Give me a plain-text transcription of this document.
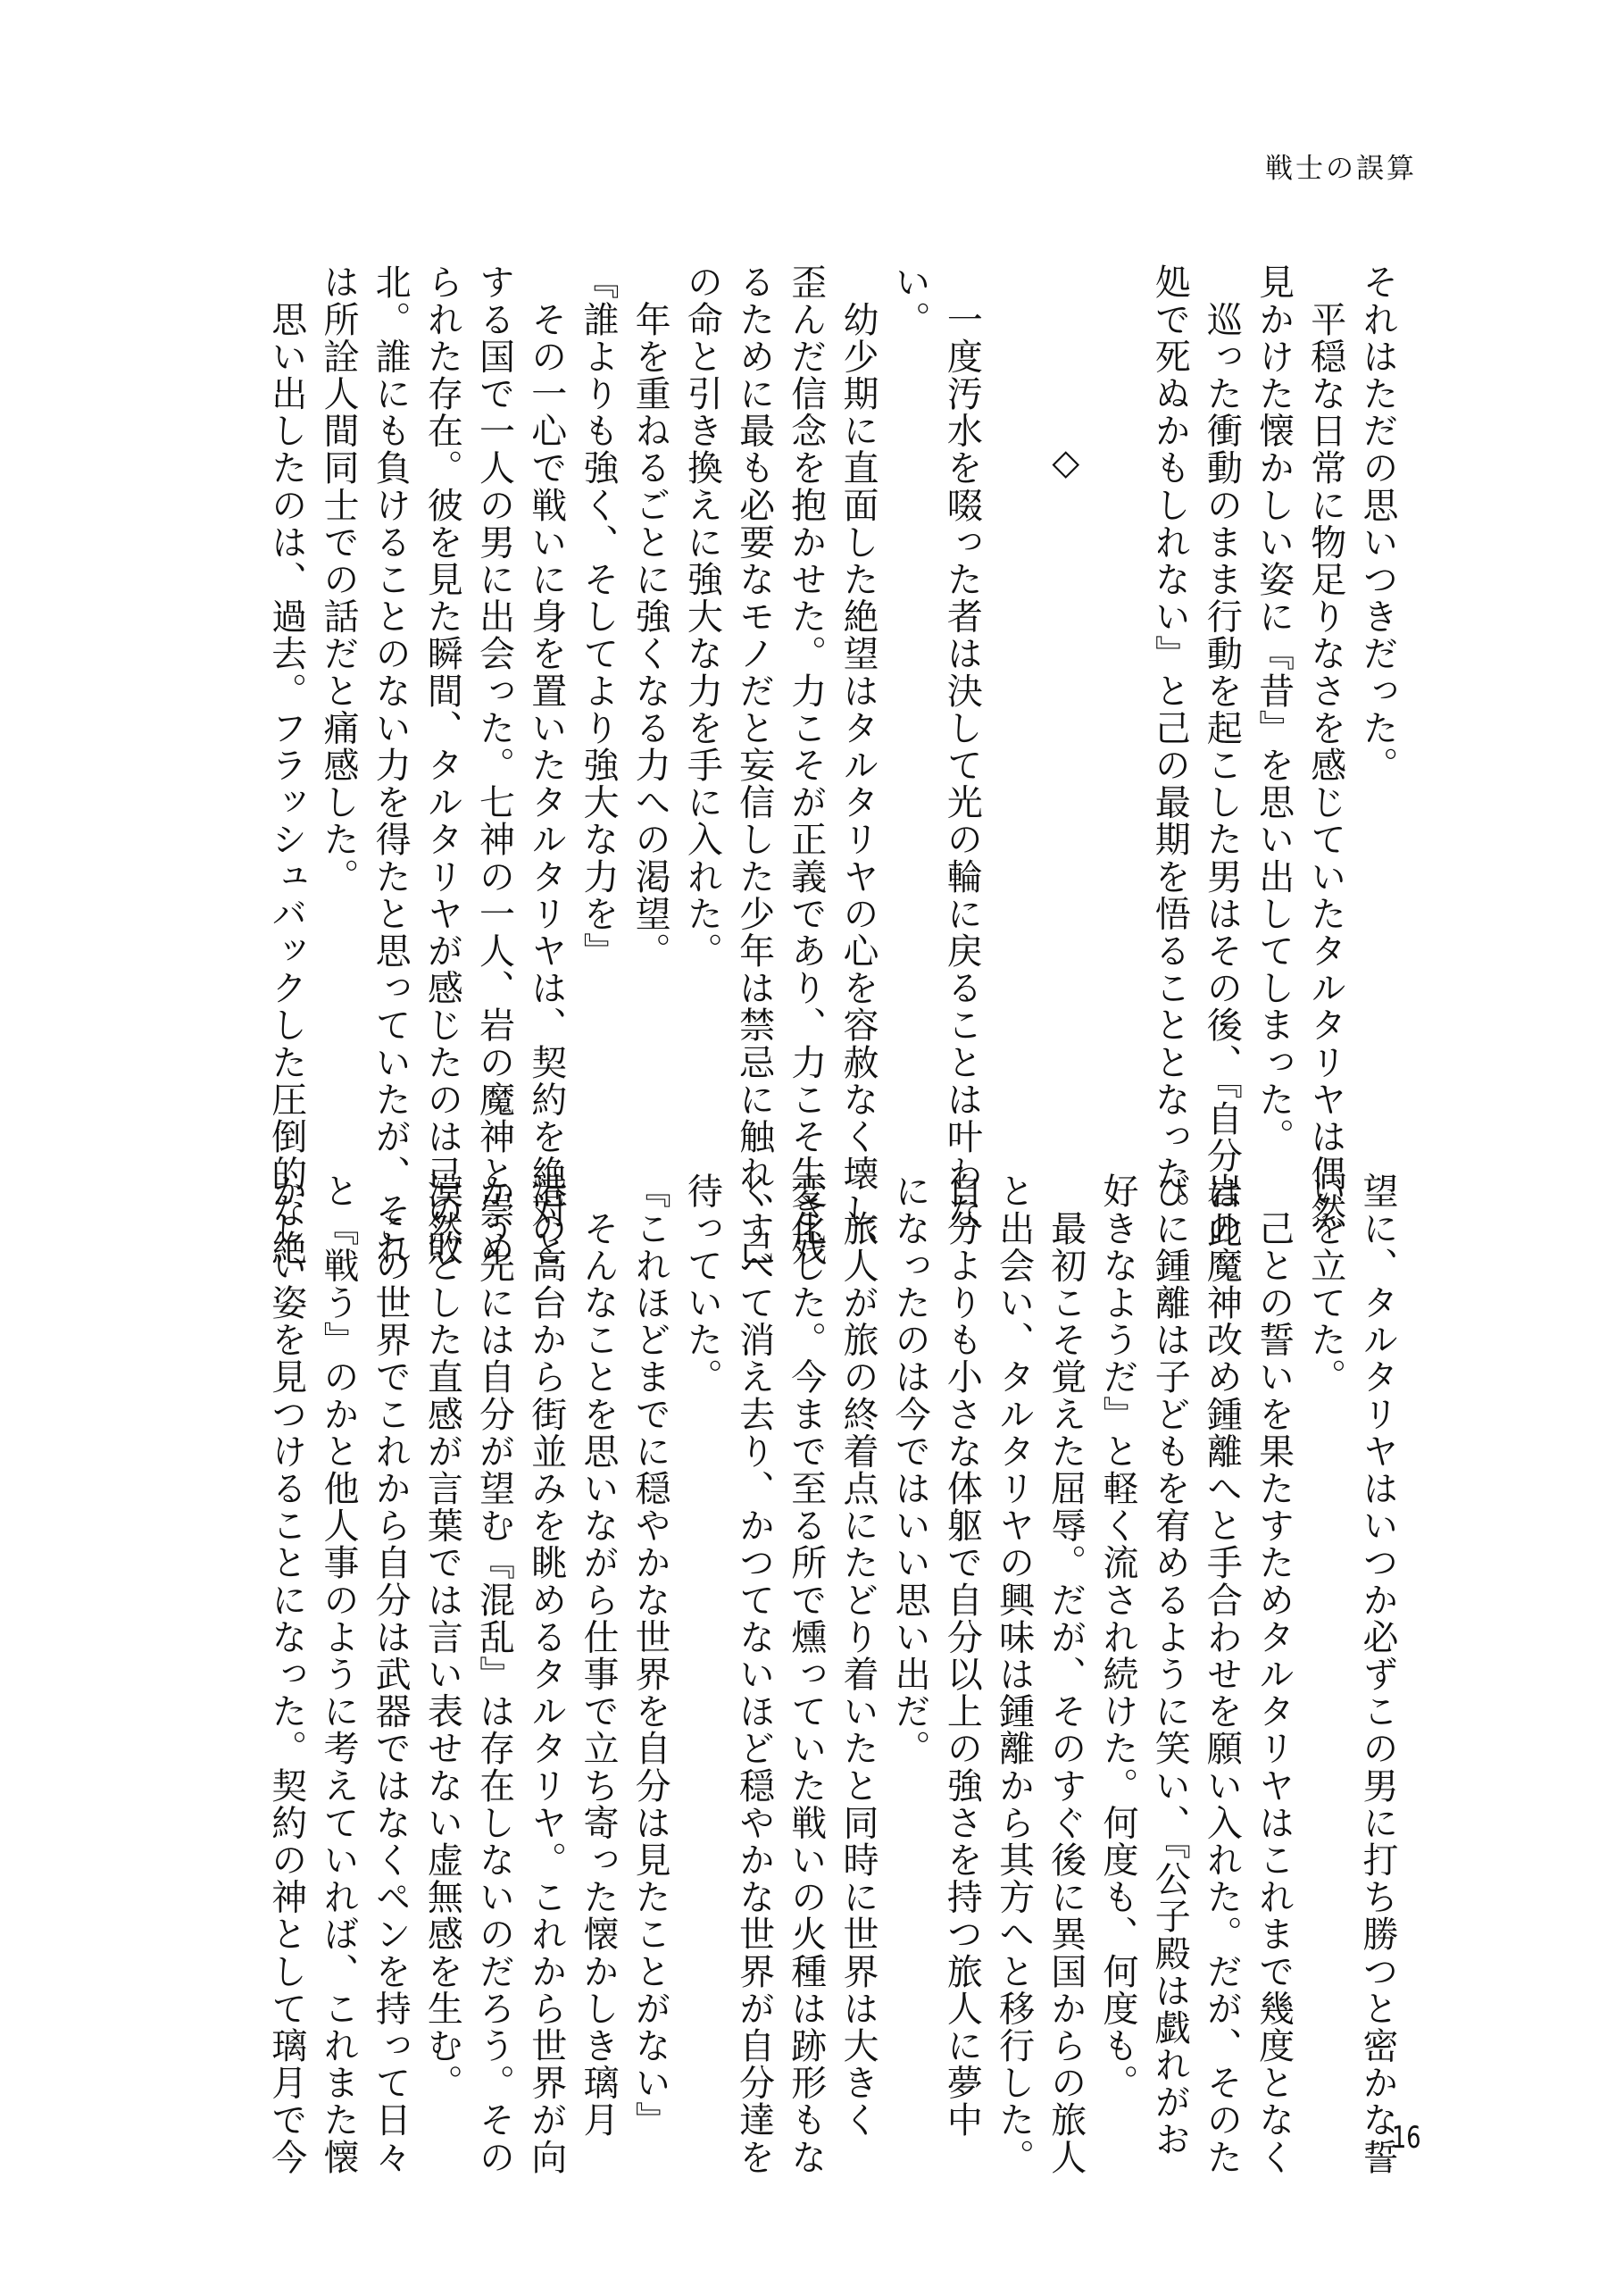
戦士の誤算

それはただの思いつきだった。

　平穏な日常に物足りなさを感じていたタルタリヤは偶然

見かけた懐かしい姿に『昔』を思い出してしまった。

　巡った衝動のまま行動を起こした男はその後、『自分は此

処で死ぬかもしれない』と己の最期を悟ることとなった。

◇

　一度汚水を啜った者は決して光の輪に戻ることは叶わな

い。

　幼少期に直面した絶望はタルタリヤの心を容赦なく壊し、

歪んだ信念を抱かせた。力こそが正義であり、力こそ生き残

るために最も必要なモノだと妄信した少年は禁忌に触れ、己

の命と引き換えに強大な力を手に入れた。

　年を重ねるごとに強くなる力への渇望。

『誰よりも強く、そしてより強大な力を』

　その一心で戦いに身を置いたタルタリヤは、契約を絶対と

する国で一人の男に出会った。七神の一人、岩の魔神と崇め

られた存在。彼を見た瞬間、タルタリヤが感じたのは己の敗

北。誰にも負けることのない力を得たと思っていたが、それ

は所詮人間同士での話だと痛感した。

　思い出したのは、過去。フラッシュバックした圧倒的な絶

望に、タルタリヤはいつか必ずこの男に打ち勝つと密かな誓

いを立てた。

　己との誓いを果たすためタルタリヤはこれまで幾度となく

岩の魔神改め鍾離へと手合わせを願い入れた。だが、そのた

びに鍾離は子どもを宥めるように笑い、『公子殿は戯れがお

好きなようだ』と軽く流され続けた。何度も、何度も。

　最初こそ覚えた屈辱。だが、そのすぐ後に異国からの旅人

と出会い、タルタリヤの興味は鍾離から其方へと移行した。

自分よりも小さな体躯で自分以上の強さを持つ旅人に夢中

になったのは今ではいい思い出だ。

　旅人が旅の終着点にたどり着いたと同時に世界は大きく

変化した。今まで至る所で燻っていた戦いの火種は跡形もな

くすべて消え去り、かつてないほど穏やかな世界が自分達を

待っていた。

『これほどまでに穏やかな世界を自分は見たことがない』

　そんなことを思いながら仕事で立ち寄った懐かしき璃月

港の高台から街並みを眺めるタルタリヤ。これから世界が向

かう先には自分が望む『混乱』は存在しないのだろう。その

漠然とした直感が言葉では言い表せない虚無感を生む。

　この世界でこれから自分は武器ではなくペンを持って日々

と『戦う』のかと他人事のように考えていれば、これまた懐

かしい姿を見つけることになった。契約の神として璃月で今	16
